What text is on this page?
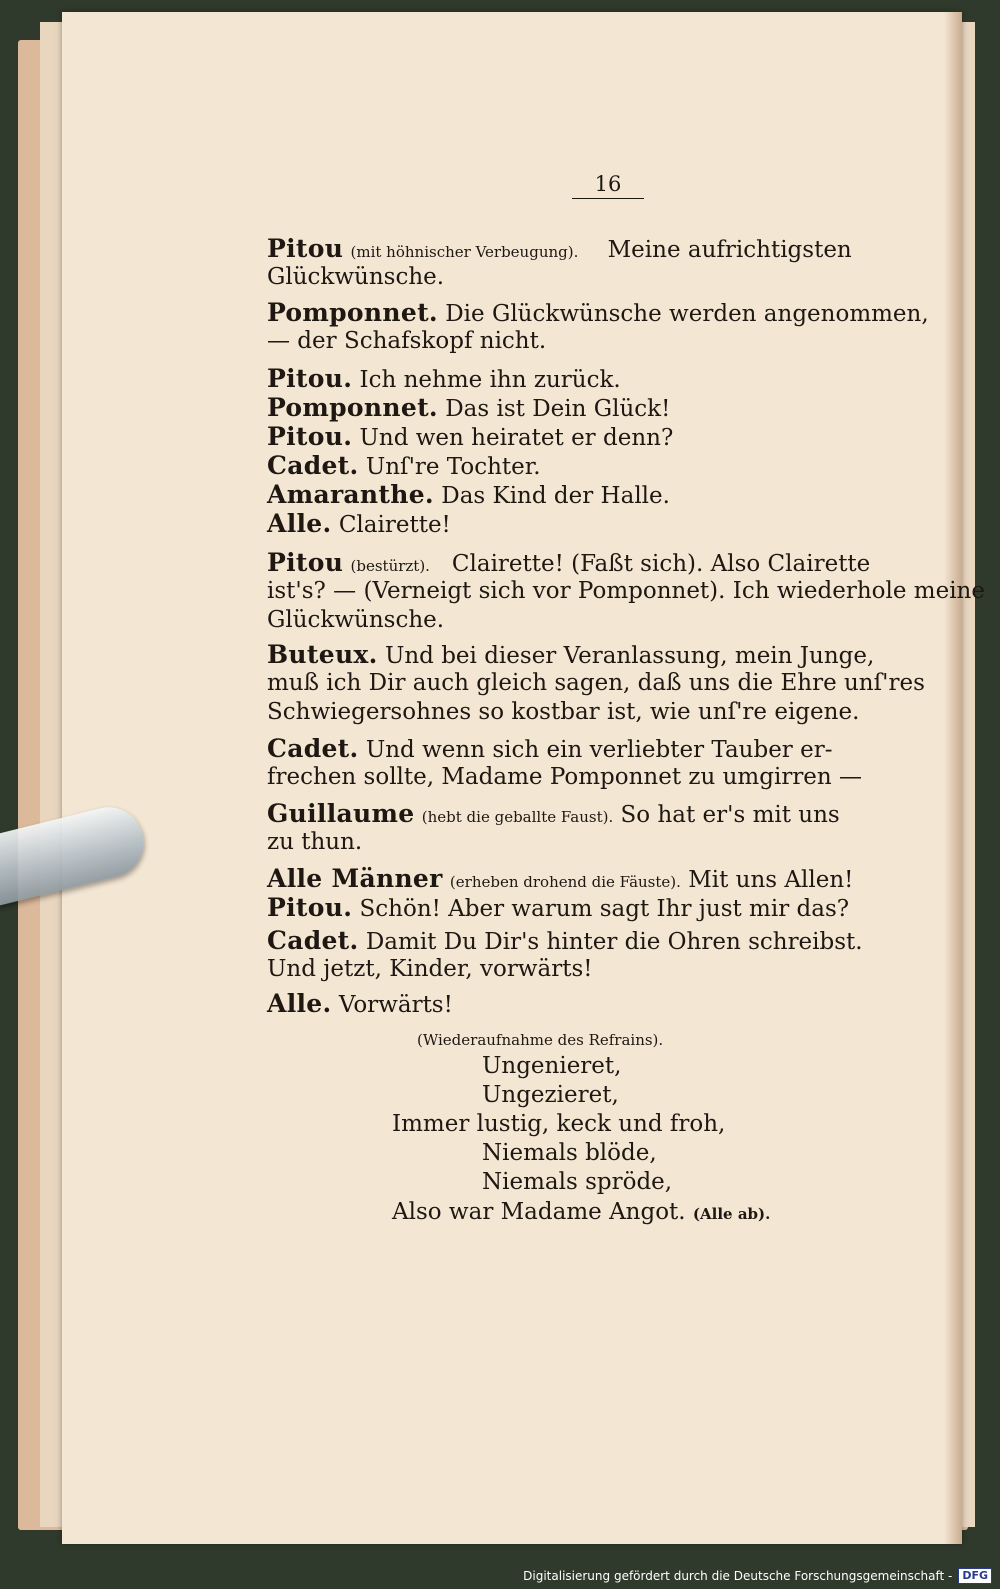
16
Pitou (mit höhnischer Verbeugung). Meine aufrichtigsten
Glückwünsche.
Pomponnet. Die Glückwünsche werden angenommen,
— der Schafskopf nicht.
Pitou. Ich nehme ihn zurück.
Pomponnet. Das ist Dein Glück!
Pitou. Und wen heiratet er denn?
Cadet. Unſ're Tochter.
Amaranthe. Das Kind der Halle.
Alle. Clairette!
Pitou (bestürzt). Clairette! (Faßt sich). Also Clairette
ist's? — (Verneigt sich vor Pomponnet). Ich wiederhole meine
Glückwünsche.
Buteux. Und bei dieser Veranlassung, mein Junge,
muß ich Dir auch gleich sagen, daß uns die Ehre unſ'res
Schwiegersohnes so kostbar ist, wie unſ're eigene.
Cadet. Und wenn sich ein verliebter Tauber er-
frechen sollte, Madame Pomponnet zu umgirren —
Guillaume (hebt die geballte Faust). So hat er's mit uns
zu thun.
Alle Männer (erheben drohend die Fäuste). Mit uns Allen!
Pitou. Schön! Aber warum sagt Ihr just mir das?
Cadet. Damit Du Dir's hinter die Ohren schreibst.
Und jetzt, Kinder, vorwärts!
Alle. Vorwärts!
(Wiederaufnahme des Refrains).
Ungenieret,
Ungezieret,
Immer lustig, keck und froh,
Niemals blöde,
Niemals spröde,
Also war Madame Angot. (Alle ab).
Digitalisierung gefördert durch die Deutsche Forschungsgemeinschaft - DFG
